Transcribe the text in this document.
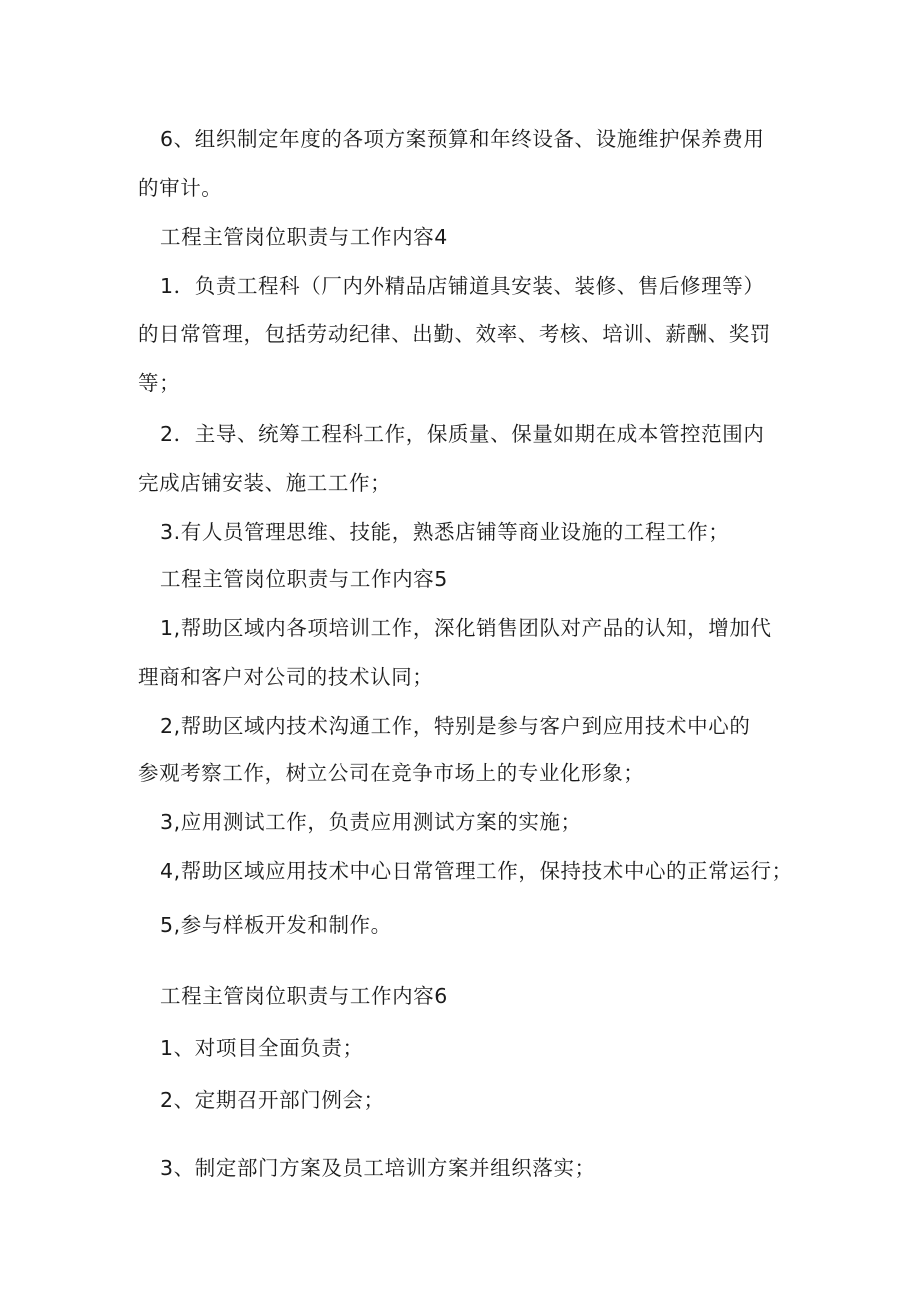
6、组织制定年度的各项方案预算和年终设备、设施维护保养费用
的审计。
工程主管岗位职责与工作内容4
1．负责工程科（厂内外精品店铺道具安装、装修、售后修理等）
的日常管理，包括劳动纪律、出勤、效率、考核、培训、薪酬、奖罚
等；
2．主导、统筹工程科工作，保质量、保量如期在成本管控范围内
完成店铺安装、施工工作；
3.有人员管理思维、技能，熟悉店铺等商业设施的工程工作；
工程主管岗位职责与工作内容5
1,帮助区域内各项培训工作，深化销售团队对产品的认知，增加代
理商和客户对公司的技术认同；
2,帮助区域内技术沟通工作，特别是参与客户到应用技术中心的
参观考察工作，树立公司在竞争市场上的专业化形象；
3,应用测试工作，负责应用测试方案的实施；
4,帮助区域应用技术中心日常管理工作，保持技术中心的正常运行；
5,参与样板开发和制作。
工程主管岗位职责与工作内容6
1、对项目全面负责；
2、定期召开部门例会；
3、制定部门方案及员工培训方案并组织落实；
